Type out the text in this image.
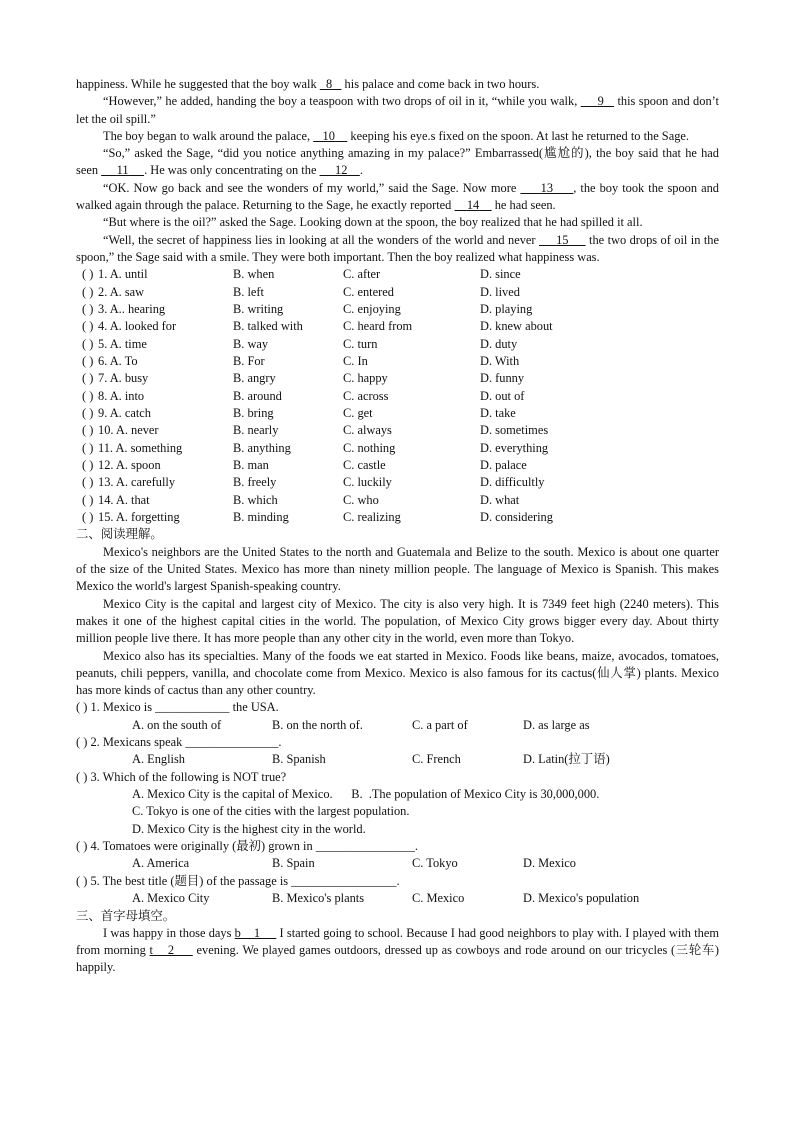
happiness. While he suggested that the boy walk   8    his palace and come back in two hours.

“However,” he added, handing the boy a teaspoon with two drops of oil in it, “while you walk,      9    this spoon and don’t let the oil spill.”

The boy began to walk around the palace,    10     keeping his eye.s fixed on the spoon. At last he returned to the Sage.

“So,” asked the Sage, “did you notice anything amazing in my palace?” Embarrassed(尴尬的), the boy said that he had seen      11 . He was only concentrating on the      12 .

“OK. Now go back and see the wonders of my world,” said the Sage. Now more      13 , the boy took the spoon and walked again through the palace. Returning to the Sage, he exactly reported     14     he had seen.

“But where is the oil?” asked the Sage. Looking down at the spoon, the boy realized that he had spilled it all.

“Well, the secret of happiness lies in looking at all the wonders of the world and never      15      the two drops of oil in the spoon,” the Sage said with a smile. They were both important. Then the boy realized what happiness was.

( ) 1. A. until	B. when	C. after	D. since
( ) 2. A. saw	B. left	C. entered	D. lived
( ) 3. A.. hearing	B. writing	C. enjoying	D. playing
( ) 4. A. looked for	B. talked with	C. heard from	D. knew about
( ) 5. A. time	B. way	C. turn	D. duty
( ) 6. A. To	B. For	C. In	D. With
( ) 7. A. busy	B. angry	C. happy	D. funny
( ) 8. A. into	B. around	C. across	D. out of
( ) 9. A. catch	B. bring	C. get	D. take
( ) 10. A. never	B. nearly	C. always	D. sometimes
( ) 11. A. something	B. anything	C. nothing	D. everything
( ) 12. A. spoon	B. man	C. castle	D. palace
( ) 13. A. carefully	B. freely	C. luckily	D. difficultly
( ) 14. A. that	B. which	C. who	D. what
( ) 15. A. forgetting	B. minding	C. realizing	D. considering

二、阅读理解。

Mexico's neighbors are the United States to the north and Guatemala and Belize to the south. Mexico is about one quarter of the size of the United States. Mexico has more than ninety million people. The language of Mexico is Spanish. This makes Mexico the world's largest Spanish-speaking country.

Mexico City is the capital and largest city of Mexico. The city is also very high. It is 7349 feet high (2240 meters). This makes it one of the highest capital cities in the world. The population, of Mexico City grows bigger every day. About thirty million people live there. It has more people than any other city in the world, even more than Tokyo.

Mexico also has its specialties. Many of the foods we eat started in Mexico. Foods like beans, maize, avocados, tomatoes, peanuts, chili peppers, vanilla, and chocolate come from Mexico. Mexico is also famous for its cactus(仙人掌) plants. Mexico has more kinds of cactus than any other country.

( ) 1. Mexico is ____________ the USA.
A. on the south of	B. on the north of.	C. a part of	D. as large as
( ) 2. Mexicans speak _______________.
A. English	B. Spanish	C. French	D. Latin(拉丁语)
( ) 3. Which of the following is NOT true?
A. Mexico City is the capital of Mexico.      B.  .The population of Mexico City is 30,000,000.
C. Tokyo is one of the cities with the largest population.
D. Mexico City is the highest city in the world.
( ) 4. Tomatoes were originally (最初) grown in ________________.
A. America	B. Spain	C. Tokyo	D. Mexico
( ) 5. The best title (题目) of the passage is _________________.
A. Mexico City	B. Mexico's plants	C. Mexico	D. Mexico's population

三、首字母填空。

I was happy in those days b    1      I started going to school. Because I had good neighbors to play with. I played with them from morning t    2      evening. We played games outdoors, dressed up as cowboys and rode around on our tricycles (三轮车) happily.
